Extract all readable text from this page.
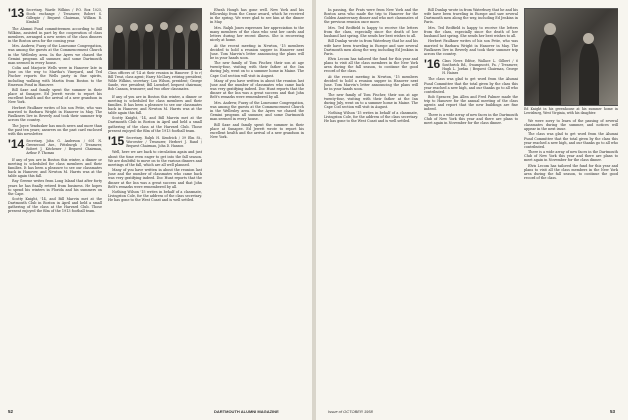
'13 Secretary, Warde Wilkins / P.O. Box 1025, Stock exchange / Treasurer, Robert S. Gillespie / Bequest Chairman, William R. Kimball

The Alumni Fund committeemen according to Bill Wilkins, assisted in part by the cooperation of class members, arranged a new series of the class dinners in the Boston area for the coming year.

Mrs. Andrew, Fuzzy of the Lonesome Congregation, was among the guests at the Commencement Church in the Wellesley area. In the Ayres we chased the Gemini program all summer, and some Dartmouth man seemed in every house.

Colin and Marjorie Wells were in Hanover late in June on the way to Martha's Vineyard, and Ted Fischer reports the Wells party in fine spirits, including walking with Martin from Boston to the Emerson Pond in Hanover.

Bill Saxe and family spent the summer in their place at Sunapee. Ed Jewett wrote to report his excellent health and the arrival of a new grandson in New York.

Herbert Faulkner writes of his son Petie, who was married to Barbara Wright in Hanover in May. The Faulkners live in Beverly and took their summer trip across the country.

The Joyce Yendusker has much news and more than the past ten years; answers on the past card enclosed with this newsletter.

'14 Secretary, John G. Anderson / 601 N. Greenwood Ave., Pittsburgh / Treasurer, Robert J. Kitchener / Bequest Chairman, Arthur P. Thomas

If any of you are in Boston this winter, a dinner or meeting is scheduled for class members and their families. It has been a pleasure to see our classmates back in Hanover, and Newton M. Harris was at the table again this fall.

Ray Greene writes from Long Island that after forty years he has finally retired from business. He hopes to spend his winters in Florida and his summers on the Cape.

Scotty Knight, '14, and Bill Marvin met at the Dartmouth Club in Boston in April and held a small gathering of the class at the Harvard Club. Those present enjoyed the film of the 1913 football team.

Class officers of '14 at their reunion in Hanover: (l to r) Bill Treat, class agent; Harry McClary, retiring president; Wilde Wilkins, secretary; Lou Wilson, president; George Sande, vice president; Bill Luendorf, bequest chairman; Bob Cannon, treasurer; and two other classmates.

If any of you are in Boston this winter, a dinner or meeting is scheduled for class members and their families. It has been a pleasure to see our classmates back in Hanover, and Newton M. Harris was at the table again this fall.

Scotty Knight, '14, and Bill Marvin met at the Dartmouth Club in Boston in April and held a small gathering of the class at the Harvard Club. Those present enjoyed the film of the 1913 football team.

'15 Secretary, Ralph H. Kendrick / 39 Elm St., Worcester / Treasurer, Herbert J. Rand / Bequest Chairman, John D. Hanson

Well, here we are back to circulation again and just about the time even eager to get into the fall season. We are doubtful to move on to the various dinners and meetings of the fall, which are all well planned.

Many of you have written in about the reunion last June and the number of classmates who came back was very gratifying indeed. Doc Hunt reports that the dinner at the Inn was a great success and that John Belt's remarks were remembered by all.

Nothing Wilson '15 writes in behalf of a classmate, Livingston Cole, for the address of the class secretary. He has gone to the West Coast and is well settled.

Elwah Hough has gone well. New York and his fellowship from the Crane award, which he received in the spring. We were glad to see him at the dinner in May.

Mrs. Ralph Jones expresses her appreciation to the many members of the class who sent her cards and letters during her recent illness. She is recovering nicely at home.

At the recent meeting in Newton, '15 members decided to hold a reunion supper in Hanover next June. Tom Marvin's letter announcing the plans will be in your hands soon.

The new family of Tom Fischer, their son at age twenty-four, visiting with their father at the Inn during July, went on to a summer home in Maine. The Cape Cod section will visit in August.

Many of you have written in about the reunion last June and the number of classmates who came back was very gratifying indeed. Doc Hunt reports that the dinner at the Inn was a great success and that John Belt's remarks were remembered by all.

Mrs. Andrew, Fuzzy of the Lonesome Congregation, was among the guests at the Commencement Church in the Wellesley area. In the Ayres we chased the Gemini program all summer, and some Dartmouth man seemed in every house.

Bill Saxe and family spent the summer in their place at Sunapee. Ed Jewett wrote to report his excellent health and the arrival of a new grandson in New York.

In passing, the Frats were from New York and the Boston area who made the trip to Hanover for the Golden Anniversary dinner and who met classmates of the previous reunion once more.

Mrs. Ted Redfield is happy to receive the letters from the class, especially since the death of her husband last spring. She sends her best wishes to all.

Bill Dunlap wrote in from Waterbury that he and his wife have been traveling in Europe and saw several Dartmouth men along the way, including Ed Jenkins in Paris.

Elvis Lecom has tailored the fund for this year and plans to visit all the class members in the New York area during the fall season, to continue the good record of the class.

At the recent meeting in Newton, '15 members decided to hold a reunion supper in Hanover next June. Tom Marvin's letter announcing the plans will be in your hands soon.

The new family of Tom Fischer, their son at age twenty-four, visiting with their father at the Inn during July, went on to a summer home in Maine. The Cape Cod section will visit in August.

Nothing Wilson '15 writes in behalf of a classmate, Livingston Cole, for the address of the class secretary. He has gone to the West Coast and is well settled.

Bill Dunlap wrote in from Waterbury that he and his wife have been traveling in Europe and saw several Dartmouth men along the way, including Ed Jenkins in Paris.

Mrs. Ted Redfield is happy to receive the letters from the class, especially since the death of her husband last spring. She sends her best wishes to all.

Herbert Faulkner writes of his son Petie, who was married to Barbara Wright in Hanover in May. The Faulkners live in Beverly and took their summer trip across the country.

'16 Class News Editor, Wallace L. Gilbert / 6 Southwick Rd., Swampscott, Pa. / Treasurer, Hugh L. Jordan / Bequest Chairman, George H. Haines

The class was glad to get word from the Alumni Fund Committee that the total given by the class this year reached a new high, and our thanks go to all who contributed.

Bob Spencer, Jim Allen and Fred Palmer made the trip to Hanover for the annual meeting of the class agents and report that the new buildings are fine indeed.

There is a wide array of new faces in the Dartmouth Club of New York this year and there are plans to meet again in November for the class dinner.

Ed Knight in his greenhouse at his summer home in Lewisburg, West Virginia, with his daughter.

We were sorry to learn of the passing of several classmates during the summer, and notices will appear in the next issue.

The class was glad to get word from the Alumni Fund Committee that the total given by the class this year reached a new high, and our thanks go to all who contributed.

There is a wide array of new faces in the Dartmouth Club of New York this year and there are plans to meet again in November for the class dinner.

Elvis Lecom has tailored the fund for this year and plans to visit all the class members in the New York area during the fall season, to continue the good record of the class.

52	DARTMOUTH ALUMNI MAGAZINE	Issue of OCTOBER 1958	53
